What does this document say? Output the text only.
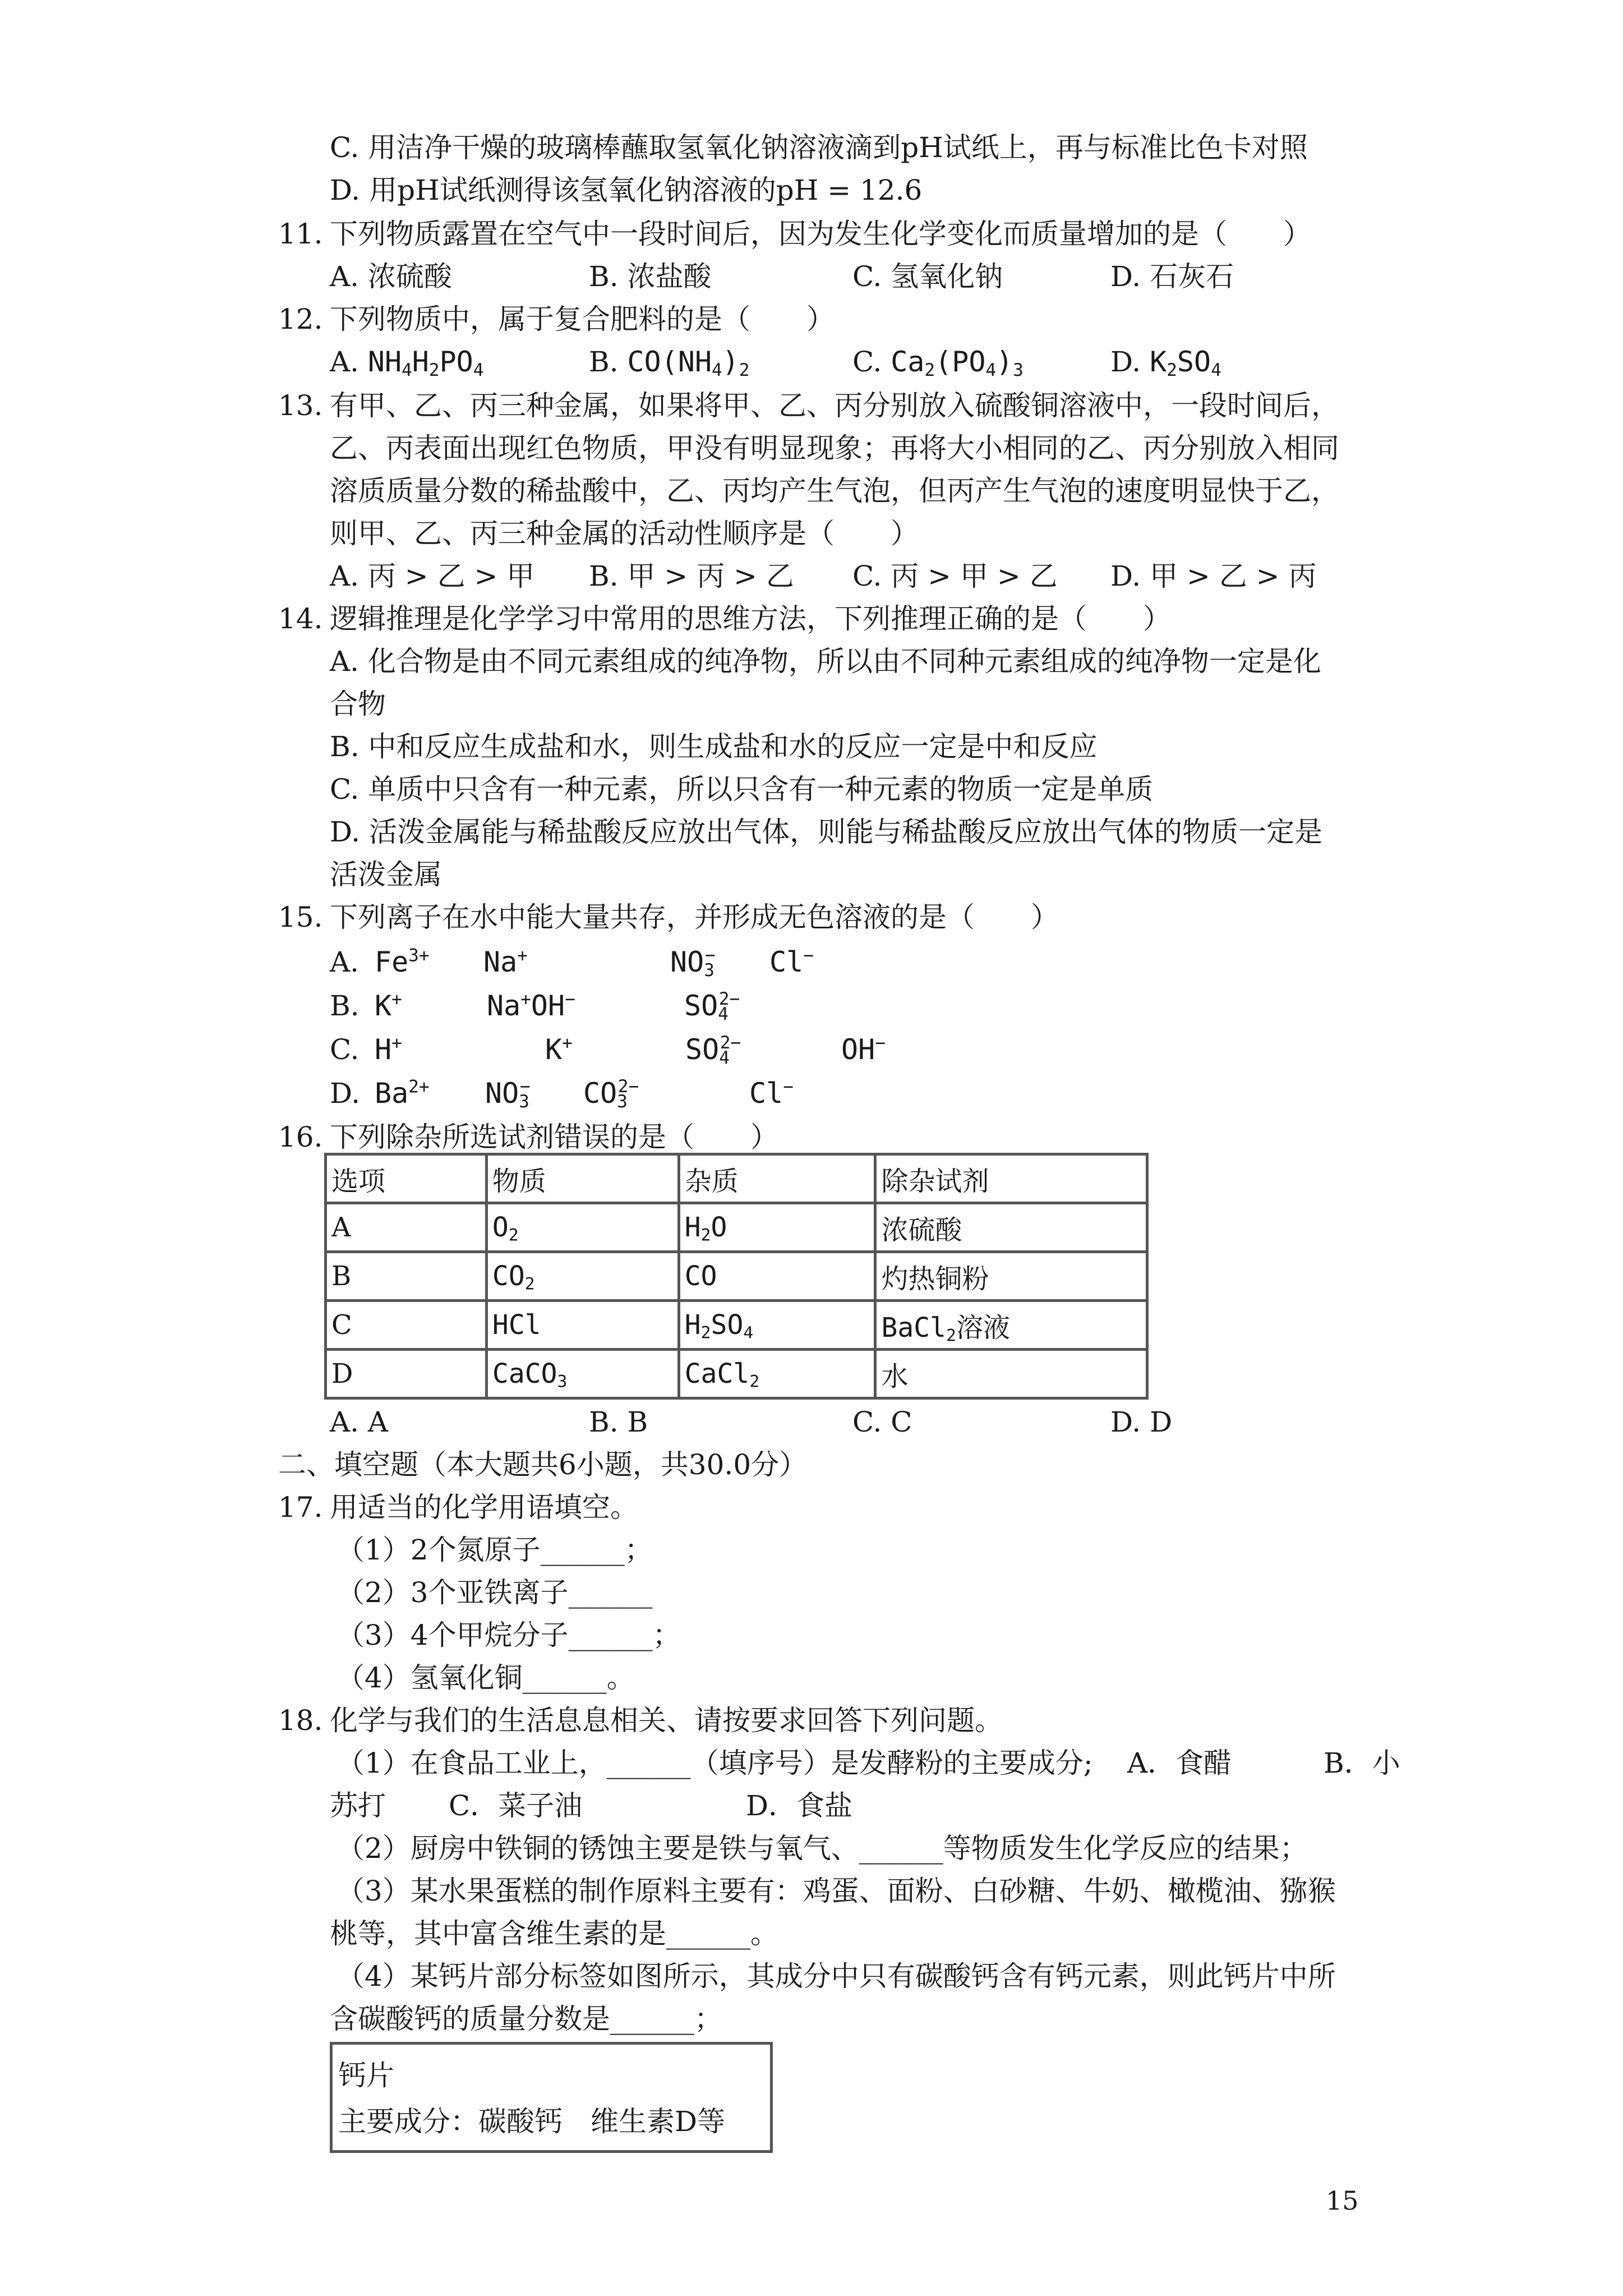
C. 用洁净干燥的玻璃棒蘸取氢氧化钠溶液滴到pH试纸上，再与标准比色卡对照
D. 用pH试纸测得该氢氧化钠溶液的pH = 12.6
11. 下列物质露置在空气中一段时间后，因为发生化学变化而质量增加的是（　　）
A. 浓硫酸	B. 浓盐酸	C. 氢氧化钠	D. 石灰石
12. 下列物质中，属于复合肥料的是（　　）
A. $NH_4H_2PO_4$	B. $CO(NH_4)_2$	C. $Ca_2(PO_4)_3$	D. $K_2SO_4$
13. 有甲、乙、丙三种金属，如果将甲、乙、丙分别放入硫酸铜溶液中，一段时间后，
乙、丙表面出现红色物质，甲没有明显现象；再将大小相同的乙、丙分别放入相同
溶质质量分数的稀盐酸中，乙、丙均产生气泡，但丙产生气泡的速度明显快于乙，
则甲、乙、丙三种金属的活动性顺序是（　　）
A. 丙 > 乙 > 甲 B. 甲 > 丙 > 乙 C. 丙 > 甲 > 乙 D. 甲 > 乙 > 丙
14. 逻辑推理是化学学习中常用的思维方法，下列推理正确的是（　　）
A. 化合物是由不同元素组成的纯净物，所以由不同种元素组成的纯净物一定是化
合物
B. 中和反应生成盐和水，则生成盐和水的反应一定是中和反应
C. 单质中只含有一种元素，所以只含有一种元素的物质一定是单质
D. 活泼金属能与稀盐酸反应放出气体，则能与稀盐酸反应放出气体的物质一定是
活泼金属
15. 下列离子在水中能大量共存，并形成无色溶液的是（　　）
A. $Fe^{3+}$ Na+	$NO_3^-$ Cl−
B. K+	Na+OH−	$SO_4^{2-}$
C. H+	K+	$SO_4^{2-}$	OH−
D. $Ba^{2+}$ $NO_3^-$ $CO_3^{2-}$	Cl−
16. 下列除杂所选试剂错误的是（　　）
选项	物质	杂质	除杂试剂
A	$O_2$	$H_2O$	浓硫酸
B	$CO_2$	CO	灼热铜粉
C	HCl	$H_2SO_4$	BaCl$_2$溶液
D	CaCO$_3$	CaCl$_2$	水
A. A	B. B	C. C	D. D
二、填空题（本大题共6小题，共30.0分）
17. 用适当的化学用语填空。
（1）2个氮原子______；
（2）3个亚铁离子______
（3）4个甲烷分子______；
（4）氢氧化铜______。
18. 化学与我们的生活息息相关、请按要求回答下列问题。
（1）在食品工业上，______（填序号）是发酵粉的主要成分; A．食醋	B．小
苏打 C．菜子油	D．食盐
（2）厨房中铁铜的锈蚀主要是铁与氧气、______等物质发生化学反应的结果；
（3）某水果蛋糕的制作原料主要有：鸡蛋、面粉、白砂糖、牛奶、橄榄油、猕猴
桃等，其中富含维生素的是______。
（4）某钙片部分标签如图所示，其成分中只有碳酸钙含有钙元素，则此钙片中所
含碳酸钙的质量分数是______；
钙片
主要成分：碳酸钙　维生素D等
15
